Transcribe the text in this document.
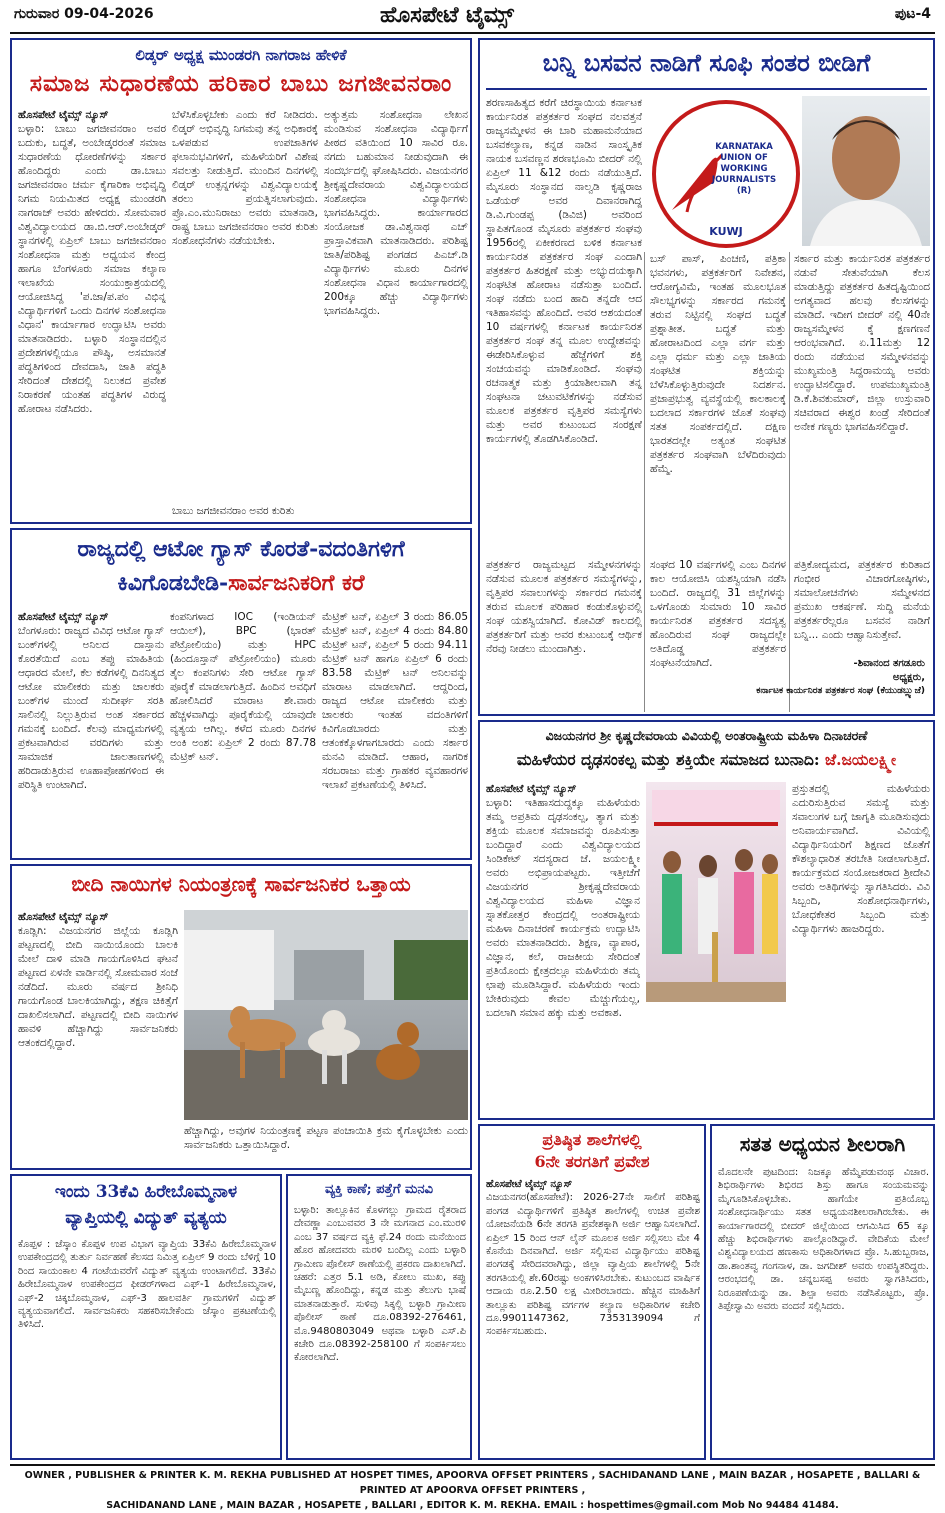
ಗುರುವಾರ 09-04-2026	ಹೊಸಪೇಟೆ ಟೈಮ್ಸ್	ಪುಟ-4
ಲಿಡ್ಕರ್ ಅಧ್ಯಕ್ಷ ಮುಂಡರಗಿ ನಾಗರಾಜ ಹೇಳಿಕೆ
ಸಮಾಜ ಸುಧಾರಣೆಯ ಹರಿಕಾರ ಬಾಬು ಜಗಜೀವನರಾಂ
ಹೊಸಪೇಟೆ ಟೈಮ್ಸ್ ನ್ಯೂಸ್
ಬಳ್ಳಾರಿ: ಬಾಬು ಜಗಜೀವನರಾಂ ಅವರ ಬದುಕು, ಬದ್ಧತೆ, ಅಂಬೇಡ್ಕರರಂತೆ ಸಮಾಜ ಸುಧಾರಣೆಯ ಧೋರಣೆಗಳನ್ನು ಸರ್ಕಾರ ಹೊಂದಿದ್ದರು ಎಂದು ಡಾ.ಬಾಬು ಜಗಜೀವನರಾಂ ಚರ್ಮ ಕೈಗಾರಿಕಾ ಅಭಿವೃದ್ಧಿ ನಿಗಮ ನಿಯಮಿತದ ಅಧ್ಯಕ್ಷ ಮುಂಡರಗಿ ನಾಗರಾಜ್ ಅವರು ಹೇಳಿದರು. ಸೋಮವಾರ ವಿಶ್ವವಿದ್ಯಾಲಯದ ಡಾ.ಬಿ.ಆರ್.ಅಂಬೇಡ್ಕರ್ ಸ್ಥಾನಗಳಲ್ಲಿ ಏಪ್ರಿಲ್ ಬಾಬು ಜಗಜೀವನರಾಂ ಸಂಶೋಧನಾ ಮತ್ತು ಅಧ್ಯಯನ ಕೇಂದ್ರ ಹಾಗೂ ಬೆಂಗಳೂರು ಸಮಾಜ ಕಲ್ಯಾಣ ಇಲಾಖೆಯ ಸಂಯುಕ್ತಾಶ್ರಯದಲ್ಲಿ ಆಯೋಜಿಸಿದ್ದ 'ಪ.ಜಾ/ಪ.ಪಂ ವಿಭಿನ್ನ ವಿದ್ಯಾರ್ಥಿಗಳಿಗೆ ಒಂದು ದಿನಗಳ ಸಂಶೋಧನಾ ವಿಧಾನ' ಕಾರ್ಯಾಗಾರ ಉದ್ಘಾಟಿಸಿ ಅವರು ಮಾತನಾಡಿದರು. ಬಳ್ಳಾರಿ ಸಂಸ್ಥಾನದಲ್ಲಿನ ಪ್ರದೇಶಗಳಲ್ಲಿಯೂ ಪೌಷ್ಠಿ, ಅಸಮಾನತೆ ಪದ್ಧತಿಗಳಿಂದ ದೇವದಾಸಿ, ಜಾತಿ ಪದ್ಧತಿ ಸೇರಿದಂತೆ ದೇಶದಲ್ಲಿ ನಿಲುಕದ ಪ್ರವೇಶ ನಿರಾಕರಣೆ ಯಂತಹ ಪದ್ಧತಿಗಳ ವಿರುದ್ಧ ಹೋರಾಟ ನಡೆಸಿದರು.
ಬೆಳೆಸಿಕೊಳ್ಳಬೇಕು ಎಂದು ಕರೆ ನೀಡಿದರು. ಲಿಡ್ಕರ್ ಅಭಿವೃದ್ಧಿ ನಿಗಮವು ತನ್ನ ಅಧಿಕಾರಕ್ಕೆ ಒಳಪಡುವ ಉಪಜಾತಿಗಳ ಫಲಾನುಭವಿಗಳಿಗೆ, ಮಹಿಳೆಯರಿಗೆ ವಿಶೇಷ ಸವಲತ್ತು ನೀಡುತ್ತಿದೆ. ಮುಂದಿನ ದಿನಗಳಲ್ಲಿ ಲಿಡ್ಕರ್ ಉತ್ಪನ್ನಗಳನ್ನು ವಿಶ್ವವಿದ್ಯಾಲಯಕ್ಕೆ ತರಲು ಪ್ರಯತ್ನಿಸಲಾಗುವುದು. ಪ್ರೊ.ಎಂ.ಮುನಿರಾಜು ಅವರು ಮಾತನಾಡಿ, ರಾಷ್ಟ್ರ ಬಾಬು ಜಗಜೀವನರಾಂ ಅವರ ಕುರಿತು ಸಂಶೋಧನೆಗಳು ನಡೆಯಬೇಕು.
ಅತ್ಯುತ್ತಮ ಸಂಶೋಧನಾ ಲೇಖನ ಮಂಡಿಸುವ ಸಂಶೋಧನಾ ವಿದ್ಯಾರ್ಥಿಗೆ ಪೀಠದ ವತಿಯಿಂದ 10 ಸಾವಿರ ರೂ. ನಗದು ಬಹುಮಾನ ನೀಡುವುದಾಗಿ ಈ ಸಂದರ್ಭದಲ್ಲಿ ಘೋಷಿಸಿದರು. ವಿಜಯನಗರ ಶ್ರೀಕೃಷ್ಣದೇವರಾಯ ವಿಶ್ವವಿದ್ಯಾಲಯದ ಸಂಶೋಧನಾ ವಿದ್ಯಾರ್ಥಿಗಳು ಭಾಗವಹಿಸಿದ್ದರು. ಕಾರ್ಯಾಗಾರದ ಸಂಯೋಜಕ ಡಾ.ವಿಶ್ವನಾಥ ಎಚ್ ಪ್ರಾಸ್ತಾವಿಕವಾಗಿ ಮಾತನಾಡಿದರು. ಪರಿಶಿಷ್ಟ ಜಾತಿ/ಪರಿಶಿಷ್ಟ ಪಂಗಡದ ಪಿಎಚ್.ಡಿ ವಿದ್ಯಾರ್ಥಿಗಳು ಮೂರು ದಿನಗಳ ಸಂಶೋಧನಾ ವಿಧಾನ ಕಾರ್ಯಾಗಾರದಲ್ಲಿ 200ಕ್ಕೂ ಹೆಚ್ಚು ವಿದ್ಯಾರ್ಥಿಗಳು ಭಾಗವಹಿಸಿದ್ದರು.
ಬಾಬು ಜಗಜೀವನರಾಂ ಅವರ ಕುರಿತು
ಬನ್ನಿ ಬಸವನ ನಾಡಿಗೆ ಸೂಫಿ ಸಂತರ ಬೀಡಿಗೆ
ಶರಣಸಾಹಿತ್ಯದ ಕರೆಗೆ ಚಿರಸ್ಥಾಯಿಯ ಕರ್ನಾಟಕ ಕಾರ್ಯನಿರತ ಪತ್ರಕರ್ತರ ಸಂಘದ ನಲವತ್ತನೆ ರಾಜ್ಯಸಮ್ಮೇಳನ ಈ ಬಾರಿ ಮಹಾಮನೆಯಾದ ಬಸವಕಲ್ಯಾಣ, ಕನ್ನಡ ನಾಡಿನ ಸಾಂಸ್ಕೃತಿಕ ನಾಯಕ ಬಸವಣ್ಣನ ಶರಣಭೂಮಿ ಬೀದರ್ ನಲ್ಲಿ ಏಪ್ರಿಲ್ 11 &12 ರಂದು ನಡೆಯುತ್ತಿದೆ. ಮೈಸೂರು ಸಂಸ್ಥಾನದ ನಾಲ್ವಡಿ ಕೃಷ್ಣರಾಜ ಒಡೆಯರ್ ಅವರ ದಿವಾನರಾಗಿದ್ದ ಡಿ.ವಿ.ಗುಂಡಪ್ಪ (ಡಿವಿಜಿ) ಅವರಿಂದ ಸ್ಥಾಪಿತಗೊಂಡ ಮೈಸೂರು ಪತ್ರಕರ್ತರ ಸಂಘವು 1956ರಲ್ಲಿ ಏಕೀಕರಣದ ಬಳಿಕ ಕರ್ನಾಟಕ ಕಾರ್ಯನಿರತ ಪತ್ರಕರ್ತರ ಸಂಘ ಎಂದಾಗಿ ಪತ್ರಕರ್ತರ ಹಿತರಕ್ಷಣೆ ಮತ್ತು ಅಭ್ಯುದಯಕ್ಕಾಗಿ ಸಂಘಟಿತ ಹೋರಾಟ ನಡೆಸುತ್ತಾ ಬಂದಿದೆ. ಸಂಘ ನಡೆದು ಬಂದ ಹಾದಿ ತನ್ನದೇ ಆದ ಇತಿಹಾಸವನ್ನು ಹೊಂದಿದೆ. ಅವರ ಆಶಯದಂತೆ 10 ವರ್ಷಗಳಲ್ಲಿ ಕರ್ನಾಟಕ ಕಾರ್ಯನಿರತ ಪತ್ರಕರ್ತರ ಸಂಘ ತನ್ನ ಮೂಲ ಉದ್ದೇಶವನ್ನು ಈಡೇರಿಸಿಕೊಳ್ಳುವ ಹೆಜ್ಜೆಗಳಿಗೆ ಶಕ್ತಿ ಸಂಚಯವನ್ನು ಮಾಡಿಕೊಂಡಿದೆ. ಸಂಘವು ರಚನಾತ್ಮಕ ಮತ್ತು ಕ್ರಿಯಾಶೀಲವಾಗಿ ತನ್ನ ಸಂಘಟನಾ ಚಟುವಟಿಕೆಗಳನ್ನು ನಡೆಸುವ ಮೂಲಕ ಪತ್ರಕರ್ತರ ವೃತ್ತಿಪರ ಸಮಸ್ಯೆಗಳು ಮತ್ತು ಅವರ ಕುಟುಂಬದ ಸಂರಕ್ಷಣೆ ಕಾರ್ಯಗಳಲ್ಲಿ ತೊಡಗಿಸಿಕೊಂಡಿದೆ.
KARNATAKA
UNION OF
WORKING
JOURNALISTS (R)
KUWJ
ಬಸ್ ಪಾಸ್, ಪಿಂಚಣಿ, ಪತ್ರಿಕಾ ಭವನಗಳು, ಪತ್ರಕರ್ತರಿಗೆ ನಿವೇಶನ, ಆರೋಗ್ಯವಿಮೆ, ಇಂತಹ ಮೂಲಭೂತ ಸೌಲಭ್ಯಗಳನ್ನು ಸರ್ಕಾರದ ಗಮನಕ್ಕೆ ತರುವ ನಿಟ್ಟಿನಲ್ಲಿ ಸಂಘದ ಬದ್ಧತೆ ಪ್ರಶ್ನಾತೀತ. ಬದ್ಧತೆ ಮತ್ತು ಹೋರಾಟದಿಂದ ಎಲ್ಲಾ ವರ್ಗ ಮತ್ತು ಎಲ್ಲಾ ಧರ್ಮ ಮತ್ತು ಎಲ್ಲಾ ಜಾತಿಯ ಸಂಘಟಿತ ಶಕ್ತಿಯನ್ನು ಬೆಳೆಸಿಕೊಳ್ಳುತ್ತಿರುವುದೇ ನಿದರ್ಶನ. ಪ್ರಜಾಪ್ರಭುತ್ವ ವ್ಯವಸ್ಥೆಯಲ್ಲಿ ಕಾಲಕಾಲಕ್ಕೆ ಬದಲಾದ ಸರ್ಕಾರಗಳ ಜೊತೆ ಸಂಘವು ಸತತ ಸಂಪರ್ಕದಲ್ಲಿದೆ. ದಕ್ಷಿಣ ಭಾರತದಲ್ಲೇ ಅತ್ಯಂತ ಸಂಘಟಿತ ಪತ್ರಕರ್ತರ ಸಂಘವಾಗಿ ಬೆಳೆದಿರುವುದು ಹೆಮ್ಮೆ.
ಸರ್ಕಾರ ಮತ್ತು ಕಾರ್ಯನಿರತ ಪತ್ರಕರ್ತರ ನಡುವೆ ಸೇತುವೆಯಾಗಿ ಕೆಲಸ ಮಾಡುತ್ತಿದ್ದು ಪತ್ರಕರ್ತರ ಹಿತದೃಷ್ಟಿಯಿಂದ ಅಗತ್ಯವಾದ ಹಲವು ಕೆಲಸಗಳನ್ನು ಮಾಡಿದೆ. ಇದೀಗ ಬೀದರ್ ನಲ್ಲಿ 40ನೇ ರಾಜ್ಯಸಮ್ಮೇಳನ ಕ್ಕೆ ಕ್ಷಣಗಣನೆ ಆರಂಭವಾಗಿದೆ. ಏ.11ಮತ್ತು 12 ರಂದು ನಡೆಯುವ ಸಮ್ಮೇಳನವನ್ನು ಮುಖ್ಯಮಂತ್ರಿ ಸಿದ್ದರಾಮಯ್ಯ ಅವರು ಉದ್ಘಾಟಿಸಲಿದ್ದಾರೆ. ಉಪಮುಖ್ಯಮಂತ್ರಿ ಡಿ.ಕೆ.ಶಿವಕುಮಾರ್, ಜಿಲ್ಲಾ ಉಸ್ತುವಾರಿ ಸಚಿವರಾದ ಈಶ್ವರ ಖಂಡ್ರೆ ಸೇರಿದಂತೆ ಅನೇಕ ಗಣ್ಯರು ಭಾಗವಹಿಸಲಿದ್ದಾರೆ.
ಪತ್ರಕರ್ತರ ರಾಜ್ಯಮಟ್ಟದ ಸಮ್ಮೇಳನಗಳನ್ನು ನಡೆಸುವ ಮೂಲಕ ಪತ್ರಕರ್ತರ ಸಮಸ್ಯೆಗಳನ್ನು, ವೃತ್ತಿಪರ ಸವಾಲುಗಳನ್ನು ಸರ್ಕಾರದ ಗಮನಕ್ಕೆ ತರುವ ಮೂಲಕ ಪರಿಹಾರ ಕಂಡುಕೊಳ್ಳುವಲ್ಲಿ ಸಂಘ ಯಶಸ್ವಿಯಾಗಿದೆ. ಕೋವಿಡ್ ಕಾಲದಲ್ಲಿ ಪತ್ರಕರ್ತರಿಗೆ ಮತ್ತು ಅವರ ಕುಟುಂಬಕ್ಕೆ ಆರ್ಥಿಕ ನೆರವು ನೀಡಲು ಮುಂದಾಗಿತ್ತು.
ಸಂಘದ 10 ವರ್ಷಗಳಲ್ಲಿ ಎಂಬ ದಿನಗಳ ಕಾಲ ಆಯೋಜಿಸಿ ಯಶಸ್ವಿಯಾಗಿ ನಡೆಸಿ ಬಂದಿದೆ. ರಾಜ್ಯದಲ್ಲಿ 31 ಜಿಲ್ಲೆಗಳನ್ನು ಒಳಗೊಂಡು ಸುಮಾರು 10 ಸಾವಿರ ಕಾರ್ಯನಿರತ ಪತ್ರಕರ್ತರ ಸದಸ್ಯತ್ವ ಹೊಂದಿರುವ ಸಂಘ ರಾಜ್ಯದಲ್ಲೇ ಅತಿದೊಡ್ಡ ಪತ್ರಕರ್ತರ ಸಂಘಟನೆಯಾಗಿದೆ.
ಪತ್ರಿಕೋದ್ಯಮದ, ಪತ್ರಕರ್ತರ ಕುರಿತಾದ ಗಂಭೀರ ವಿಚಾರಗೋಷ್ಠಿಗಳು, ಸಮಾಲೋಚನೆಗಳು ಸಮ್ಮೇಳನದ ಪ್ರಮುಖ ಆಕರ್ಷಣೆ. ಸುದ್ದಿ ಮನೆಯ ಪತ್ರಕರ್ತರೆಲ್ಲರೂ ಬಸವನ ನಾಡಿಗೆ ಬನ್ನಿ... ಎಂದು ಆಹ್ವಾನಿಸುತ್ತೇವೆ.
-ಶಿವಾನಂದ ತಗಡೂರು
ಅಧ್ಯಕ್ಷರು,
ಕರ್ನಾಟಕ ಕಾರ್ಯನಿರತ ಪತ್ರಕರ್ತರ ಸಂಘ (ಕೆಯುಡಬ್ಲ್ಯುಜೆ)
ರಾಜ್ಯದಲ್ಲಿ ಆಟೋ ಗ್ಯಾಸ್ ಕೊರತೆ-ವದಂತಿಗಳಿಗೆ
ಕಿವಿಗೊಡಬೇಡಿ-ಸಾರ್ವಜನಿಕರಿಗೆ ಕರೆ
ಹೊಸಪೇಟೆ ಟೈಮ್ಸ್ ನ್ಯೂಸ್
ಬೆಂಗಳೂರು: ರಾಜ್ಯದ ವಿವಿಧ ಆಟೋ ಗ್ಯಾಸ್ ಬಂಕ್‌ಗಳಲ್ಲಿ ಅನಿಲದ ದಾಸ್ತಾನು ಕೊರತೆಯಿದೆ ಎಂಬ ತಪ್ಪು ಮಾಹಿತಿಯ ಆಧಾರದ ಮೇಲೆ, ಕೆಲ ಕಡೆಗಳಲ್ಲಿ ದಿನನಿತ್ಯದ ಆಟೋ ಮಾಲೀಕರು ಮತ್ತು ಚಾಲಕರು ಬಂಕ್‌ಗಳ ಮುಂದೆ ಸುದೀರ್ಘ ಸರತಿ ಸಾಲಿನಲ್ಲಿ ನಿಲ್ಲುತ್ತಿರುವ ಅಂಶ ಸರ್ಕಾರದ ಗಮನಕ್ಕೆ ಬಂದಿದೆ. ಕೆಲವು ಮಾಧ್ಯಮಗಳಲ್ಲಿ ಪ್ರಕಟವಾಗಿರುವ ವರದಿಗಳು ಮತ್ತು ಸಾಮಾಜಿಕ ಜಾಲತಾಣಗಳಲ್ಲಿ ಹರಿದಾಡುತ್ತಿರುವ ಊಹಾಪೋಹಗಳಿಂದ ಈ ಪರಿಸ್ಥಿತಿ ಉಂಟಾಗಿದೆ.
ಕಂಪನಿಗಳಾದ IOC (ಇಂಡಿಯನ್ ಆಯಿಲ್), BPC (ಭಾರತ್ ಪೆಟ್ರೋಲಿಯಂ) ಮತ್ತು HPC (ಹಿಂದೂಸ್ತಾನ್ ಪೆಟ್ರೋಲಿಯಂ) ಮೂರು ತೈಲ ಕಂಪನಿಗಳು ಸೇರಿ ಆಟೋ ಗ್ಯಾಸ್ ಪೂರೈಕೆ ಮಾಡಲಾಗುತ್ತಿದೆ. ಹಿಂದಿನ ಅವಧಿಗೆ ಹೋಲಿಸಿದರೆ ಮಾರಾಟ ಶೇ.ವಾರು ಹೆಚ್ಚಳವಾಗಿದ್ದು ಪೂರೈಕೆಯಲ್ಲಿ ಯಾವುದೇ ವ್ಯತ್ಯಯ ಆಗಿಲ್ಲ. ಕಳೆದ ಮೂರು ದಿನಗಳ ಅಂಕಿ ಅಂಶ: ಏಪ್ರಿಲ್ 2 ರಂದು 87.78 ಮೆಟ್ರಿಕ್ ಟನ್.
ಮೆಟ್ರಿಕ್ ಟನ್, ಏಪ್ರಿಲ್ 3 ರಂದು 86.05 ಮೆಟ್ರಿಕ್ ಟನ್, ಏಪ್ರಿಲ್ 4 ರಂದು 84.80 ಮೆಟ್ರಿಕ್ ಟನ್, ಏಪ್ರಿಲ್ 5 ರಂದು 94.11 ಮೆಟ್ರಿಕ್ ಟನ್ ಹಾಗೂ ಏಪ್ರಿಲ್ 6 ರಂದು 83.58 ಮೆಟ್ರಿಕ್ ಟನ್ ಅನಿಲವನ್ನು ಮಾರಾಟ ಮಾಡಲಾಗಿದೆ. ಆದ್ದರಿಂದ, ರಾಜ್ಯದ ಆಟೋ ಮಾಲೀಕರು ಮತ್ತು ಚಾಲಕರು ಇಂತಹ ವದಂತಿಗಳಿಗೆ ಕಿವಿಗೊಡಬಾರದು ಮತ್ತು ಆತಂಕಕ್ಕೊಳಗಾಗಬಾರದು ಎಂದು ಸರ್ಕಾರ ಮನವಿ ಮಾಡಿದೆ. ಆಹಾರ, ನಾಗರಿಕ ಸರಬರಾಜು ಮತ್ತು ಗ್ರಾಹಕರ ವ್ಯವಹಾರಗಳ ಇಲಾಖೆ ಪ್ರಕಟಣೆಯಲ್ಲಿ ತಿಳಿಸಿದೆ.
ವಿಜಯನಗರ ಶ್ರೀ ಕೃಷ್ಣದೇವರಾಯ ವಿವಿಯಲ್ಲಿ ಅಂತರಾಷ್ಟ್ರೀಯ ಮಹಿಳಾ ದಿನಾಚರಣೆ
ಮಹಿಳೆಯರ ದೃಢಸಂಕಲ್ಪ ಮತ್ತು ಶಕ್ತಿಯೇ ಸಮಾಜದ ಬುನಾದಿ: ಜೆ.ಜಯಲಕ್ಷ್ಮೀ
ಹೊಸಪೇಟೆ ಟೈಮ್ಸ್ ನ್ಯೂಸ್
ಬಳ್ಳಾರಿ: ಇತಿಹಾಸದುದ್ದಕ್ಕೂ ಮಹಿಳೆಯರು ತಮ್ಮ ಅಪ್ರತಿಮ ದೃಢಸಂಕಲ್ಪ, ತ್ಯಾಗ ಮತ್ತು ಶಕ್ತಿಯ ಮೂಲಕ ಸಮಾಜವನ್ನು ರೂಪಿಸುತ್ತಾ ಬಂದಿದ್ದಾರೆ ಎಂದು ವಿಶ್ವವಿದ್ಯಾಲಯದ ಸಿಂಡಿಕೇಟ್ ಸದಸ್ಯರಾದ ಜೆ. ಜಯಲಕ್ಷ್ಮೀ ಅವರು ಅಭಿಪ್ರಾಯಪಟ್ಟರು. ಇತ್ತೀಚೆಗೆ ವಿಜಯನಗರ ಶ್ರೀಕೃಷ್ಣದೇವರಾಯ ವಿಶ್ವವಿದ್ಯಾಲಯದ ಮಹಿಳಾ ವಿಜ್ಞಾನ ಸ್ನಾತಕೋತ್ತರ ಕೇಂದ್ರದಲ್ಲಿ ಅಂತರಾಷ್ಟ್ರೀಯ ಮಹಿಳಾ ದಿನಾಚರಣೆ ಕಾರ್ಯಕ್ರಮ ಉದ್ಘಾಟಿಸಿ ಅವರು ಮಾತನಾಡಿದರು. ಶಿಕ್ಷಣ, ವ್ಯಾಪಾರ, ವಿಜ್ಞಾನ, ಕಲೆ, ರಾಜಕೀಯ ಸೇರಿದಂತೆ ಪ್ರತಿಯೊಂದು ಕ್ಷೇತ್ರದಲ್ಲೂ ಮಹಿಳೆಯರು ತಮ್ಮ ಛಾಪು ಮೂಡಿಸಿದ್ದಾರೆ. ಮಹಿಳೆಯರು ಇಂದು ಬೇಕಿರುವುದು ಕೇವಲ ಮೆಚ್ಚುಗೆಯಲ್ಲ, ಬದಲಾಗಿ ಸಮಾನ ಹಕ್ಕು ಮತ್ತು ಅವಕಾಶ.
ಪ್ರಸ್ತುತದಲ್ಲಿ ಮಹಿಳೆಯರು ಎದುರಿಸುತ್ತಿರುವ ಸಮಸ್ಯೆ ಮತ್ತು ಸವಾಲುಗಳ ಬಗ್ಗೆ ಜಾಗೃತಿ ಮೂಡಿಸುವುದು ಅನಿವಾರ್ಯವಾಗಿದೆ. ವಿವಿಯಲ್ಲಿ ವಿದ್ಯಾರ್ಥಿನಿಯರಿಗೆ ಶಿಕ್ಷಣದ ಜೊತೆಗೆ ಕೌಶಲ್ಯಾಧಾರಿತ ತರಬೇತಿ ನೀಡಲಾಗುತ್ತಿದೆ. ಕಾರ್ಯಕ್ರಮದ ಸಂಯೋಜಕರಾದ ಶ್ರೀದೇವಿ ಅವರು ಅತಿಥಿಗಳನ್ನು ಸ್ವಾಗತಿಸಿದರು. ವಿವಿ ಸಿಬ್ಬಂದಿ, ಸಂಶೋಧನಾರ್ಥಿಗಳು, ಬೋಧಕೇತರ ಸಿಬ್ಬಂದಿ ಮತ್ತು ವಿದ್ಯಾರ್ಥಿಗಳು ಹಾಜರಿದ್ದರು.
ಬೀದಿ ನಾಯಿಗಳ ನಿಯಂತ್ರಣಕ್ಕೆ ಸಾರ್ವಜನಿಕರ ಒತ್ತಾಯ
ಹೊಸಪೇಟೆ ಟೈಮ್ಸ್ ನ್ಯೂಸ್
ಕೂಡ್ಲಿಗಿ: ವಿಜಯನಗರ ಜಿಲ್ಲೆಯ ಕೂಡ್ಲಿಗಿ ಪಟ್ಟಣದಲ್ಲಿ ಬೀದಿ ನಾಯಿಯೊಂದು ಬಾಲಕಿ ಮೇಲೆ ದಾಳಿ ಮಾಡಿ ಗಾಯಗೊಳಿಸಿದ ಘಟನೆ ಪಟ್ಟಣದ ಏಳನೇ ವಾರ್ಡಿನಲ್ಲಿ ಸೋಮವಾರ ಸಂಜೆ ನಡೆದಿದೆ. ಮೂರು ವರ್ಷದ ಶ್ರೀನಿಧಿ ಗಾಯಗೊಂಡ ಬಾಲಕಿಯಾಗಿದ್ದು, ತಕ್ಷಣ ಚಿಕಿತ್ಸೆಗೆ ದಾಖಲಿಸಲಾಗಿದೆ. ಪಟ್ಟಣದಲ್ಲಿ ಬೀದಿ ನಾಯಿಗಳ ಹಾವಳಿ ಹೆಚ್ಚಾಗಿದ್ದು ಸಾರ್ವಜನಿಕರು ಆತಂಕದಲ್ಲಿದ್ದಾರೆ.
ಹೆಚ್ಚಾಗಿದ್ದು, ಅವುಗಳ ನಿಯಂತ್ರಣಕ್ಕೆ ಪಟ್ಟಣ ಪಂಚಾಯಿತಿ ಕ್ರಮ ಕೈಗೊಳ್ಳಬೇಕು ಎಂದು ಸಾರ್ವಜನಿಕರು ಒತ್ತಾಯಿಸಿದ್ದಾರೆ.	ಪ್ರತಿಷ್ಠಿತ ಶಾಲೆಗಳಲ್ಲಿ
6ನೇ ತರಗತಿಗೆ ಪ್ರವೇಶ
ಹೊಸಪೇಟೆ ಟೈಮ್ಸ್ ನ್ಯೂಸ್
ವಿಜಯನಗರ(ಹೊಸಪೇಟೆ): 2026-27ನೇ ಸಾಲಿಗೆ ಪರಿಶಿಷ್ಟ ಪಂಗಡ ವಿದ್ಯಾರ್ಥಿಗಳಿಗೆ ಪ್ರತಿಷ್ಠಿತ ಶಾಲೆಗಳಲ್ಲಿ ಉಚಿತ ಪ್ರವೇಶ ಯೋಜನೆಯಡಿ 6ನೇ ತರಗತಿ ಪ್ರವೇಶಕ್ಕಾಗಿ ಅರ್ಜಿ ಆಹ್ವಾನಿಸಲಾಗಿದೆ. ಏಪ್ರಿಲ್ 15 ರಿಂದ ಆನ್ ಲೈನ್ ಮೂಲಕ ಅರ್ಜಿ ಸಲ್ಲಿಸಲು ಮೇ 4 ಕೊನೆಯ ದಿನವಾಗಿದೆ. ಅರ್ಜಿ ಸಲ್ಲಿಸುವ ವಿದ್ಯಾರ್ಥಿಯು ಪರಿಶಿಷ್ಟ ಪಂಗಡಕ್ಕೆ ಸೇರಿದವರಾಗಿದ್ದು, ಜಿಲ್ಲಾ ವ್ಯಾಪ್ತಿಯ ಶಾಲೆಗಳಲ್ಲಿ 5ನೇ ತರಗತಿಯಲ್ಲಿ ಶೇ.60ರಷ್ಟು ಅಂಕಗಳಿಸಿರಬೇಕು. ಕುಟುಂಬದ ವಾರ್ಷಿಕ ಆದಾಯ ರೂ.2.50 ಲಕ್ಷ ಮೀರಿರಬಾರದು. ಹೆಚ್ಚಿನ ಮಾಹಿತಿಗೆ ತಾಲ್ಲೂಕು ಪರಿಶಿಷ್ಟ ವರ್ಗಗಳ ಕಲ್ಯಾಣ ಅಧಿಕಾರಿಗಳ ಕಚೇರಿ ದೂ.9901147362, 7353139094 ಗೆ ಸಂಪರ್ಕಿಸಬಹುದು.
ಸತತ ಅಧ್ಯಯನ ಶೀಲರಾಗಿ
ಮೊದಲನೇ ಪುಟದಿಂದ: ನಿಜಕ್ಕೂ ಹೆಮ್ಮೆಪಡುವಂಥ ವಿಚಾರ. ಶಿಭಿರಾರ್ಥಿಗಳು ಶಿಭಿರದ ಶಿಸ್ತು ಹಾಗೂ ಸಂಯಮವನ್ನು ಮೈಗೂಡಿಸಿಕೊಳ್ಳಬೇಕು. ಹಾಗೆಯೇ ಪ್ರತಿಯೊಬ್ಬ ಸಂಶೋಧನಾರ್ಥಿಯು ಸತತ ಅಧ್ಯಯನಶೀಲರಾಗಿರಬೇಕು. ಈ ಕಾರ್ಯಾಗಾರದಲ್ಲಿ ಬೀದರ್ ಜಿಲ್ಲೆಯಿಂದ ಆಗಮಿಸಿದ 65 ಕ್ಕೂ ಹೆಚ್ಚು ಶಿಭಿರಾರ್ಥಿಗಳು ಪಾಲ್ಗೊಂಡಿದ್ದಾರೆ. ವೇದಿಕೆಯ ಮೇಲೆ ವಿಶ್ವವಿದ್ಯಾಲಯದ ಹಣಕಾಸು ಅಧಿಕಾರಿಗಳಾದ ಪ್ರೊ. ಸಿ.ಹುಬ್ಬರಾಜ, ಡಾ.ಶಾಂತವ್ವ ಗಂಗನಾಳ, ಡಾ. ಜಗದೀಶ್ ಅವರು ಉಪಸ್ಥಿತರಿದ್ದರು. ಆರಂಭದಲ್ಲಿ ಡಾ. ಚನ್ನಬಸಪ್ಪ ಅವರು ಸ್ವಾಗತಿಸಿದರು, ನಿರೂಪಣೆಯನ್ನು ಡಾ. ಶಿಲ್ಪಾ ಅವರು ನಡೆಸಿಕೊಟ್ಟರು, ಪ್ರೊ. ತಿಪ್ಪೇಸ್ವಾಮಿ ಅವರು ವಂದನೆ ಸಲ್ಲಿಸಿದರು.
ಇಂದು 33ಕೆವಿ ಹಿರೇಬೊಮ್ಮನಾಳ
ವ್ಯಾಪ್ತಿಯಲ್ಲಿ ವಿದ್ಯುತ್ ವ್ಯತ್ಯಯ
ಕೊಪ್ಪಳ : ಜೆಸ್ಕಾಂ ಕೊಪ್ಪಳ ಉಪ ವಿಭಾಗ ವ್ಯಾಪ್ತಿಯ 33ಕೆವಿ ಹಿರೇಬೊಮ್ಮನಾಳ ಉಪಕೇಂದ್ರದಲ್ಲಿ ತುರ್ತು ನಿರ್ವಹಣೆ ಕೆಲಸದ ನಿಮಿತ್ತ ಏಪ್ರಿಲ್ 9 ರಂದು ಬೆಳಿಗ್ಗೆ 10 ರಿಂದ ಸಾಯಂಕಾಲ 4 ಗಂಟೆಯವರೆಗೆ ವಿದ್ಯುತ್ ವ್ಯತ್ಯಯ ಉಂಟಾಗಲಿದೆ. 33ಕೆವಿ ಹಿರೇಬೊಮ್ಮನಾಳ ಉಪಕೇಂದ್ರದ ಫೀಡರ್‌ಗಳಾದ ಎಫ್-1 ಹಿರೇಬೊಮ್ಮನಾಳ, ಎಫ್-2 ಚಿಕ್ಕಬೊಮ್ಮನಾಳ, ಎಫ್-3 ಹಾಲವರ್ತಿ ಗ್ರಾಮಗಳಿಗೆ ವಿದ್ಯುತ್ ವ್ಯತ್ಯಯವಾಗಲಿದೆ. ಸಾರ್ವಜನಿಕರು ಸಹಕರಿಸಬೇಕೆಂದು ಜೆಸ್ಕಾಂ ಪ್ರಕಟಣೆಯಲ್ಲಿ ತಿಳಿಸಿದೆ.
ವ್ಯಕ್ತಿ ಕಾಣೆ; ಪತ್ತೆಗೆ ಮನವಿ
ಬಳ್ಳಾರಿ: ತಾಲ್ಲೂಕಿನ ಕೊಳಗಲ್ಲು ಗ್ರಾಮದ ರೈತರಾದ ದೇವಣ್ಣಾ ಎಂಬುವವರ 3 ನೇ ಮಗನಾದ ಎಂ.ಮುರಳಿ ಎಂಬ 37 ವರ್ಷದ ವ್ಯಕ್ತಿ ಫೆ.24 ರಂದು ಮನೆಯಿಂದ ಹೊರ ಹೋದವರು ಮರಳಿ ಬಂದಿಲ್ಲ ಎಂದು ಬಳ್ಳಾರಿ ಗ್ರಾಮೀಣ ಪೊಲೀಸ್ ಠಾಣೆಯಲ್ಲಿ ಪ್ರಕರಣ ದಾಖಲಾಗಿದೆ. ಚಹರೆ: ಎತ್ತರ 5.1 ಅಡಿ, ಕೋಲು ಮುಖ, ಕಪ್ಪು ಮೈಬಣ್ಣ ಹೊಂದಿದ್ದು, ಕನ್ನಡ ಮತ್ತು ತೆಲುಗು ಭಾಷೆ ಮಾತನಾಡುತ್ತಾರೆ. ಸುಳಿವು ಸಿಕ್ಕಲ್ಲಿ ಬಳ್ಳಾರಿ ಗ್ರಾಮೀಣ ಪೊಲೀಸ್ ಠಾಣೆ ದೂ.08392-276461, ಮೊ.9480803049 ಅಥವಾ ಬಳ್ಳಾರಿ ಎಸ್.ಪಿ ಕಚೇರಿ ದೂ.08392-258100 ಗೆ ಸಂಪರ್ಕಿಸಲು ಕೋರಲಾಗಿದೆ.
OWNER , PUBLISHER & PRINTER K. M. REKHA PUBLISHED AT HOSPET TIMES, APOORVA OFFSET PRINTERS , SACHIDANAND LANE , MAIN BAZAR , HOSAPETE , BALLARI & PRINTED AT APOORVA OFFSET PRINTERS ,
SACHIDANAND LANE , MAIN BAZAR , HOSAPETE , BALLARI , EDITOR K. M. REKHA. EMAIL : hospettimes@gmail.com Mob No 94484 41484.
